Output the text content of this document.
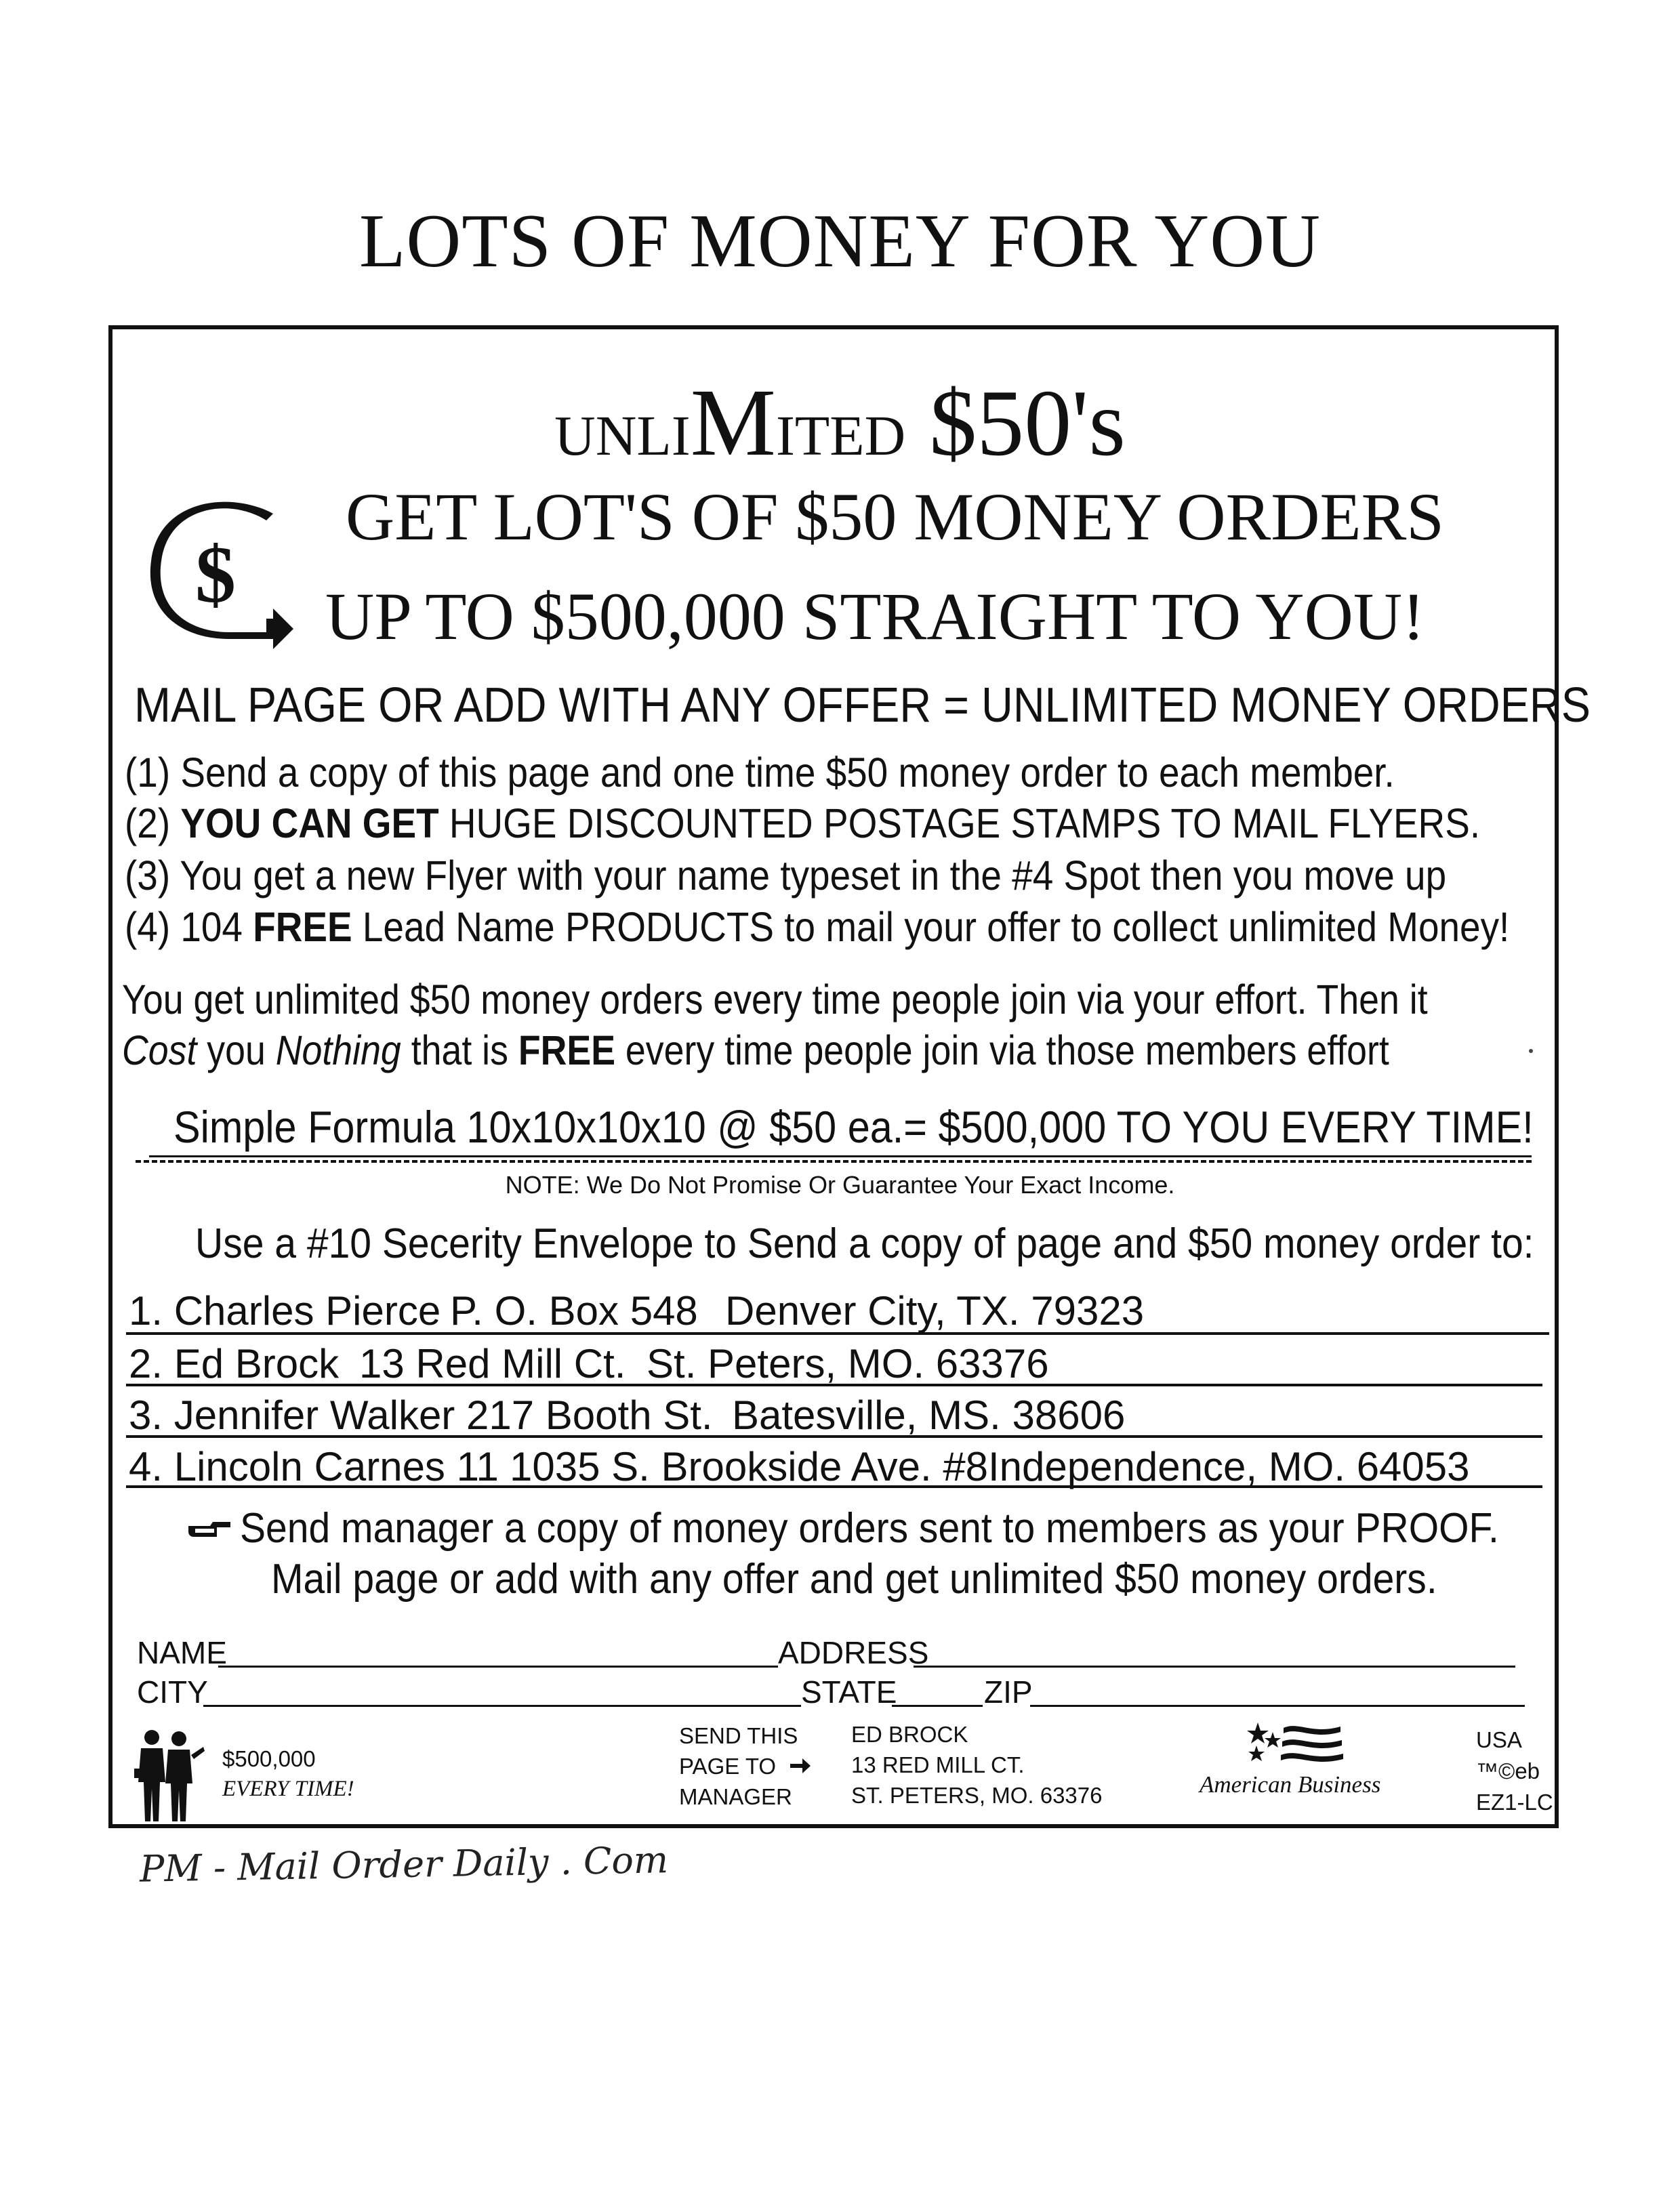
LOTS OF MONEY FOR YOU
UNLIMITED $50's
$
GET LOT'S OF $50 MONEY ORDERS
UP TO $500,000 STRAIGHT TO YOU!
MAIL PAGE OR ADD WITH ANY OFFER = UNLIMITED MONEY ORDERS
(1) Send a copy of this page and one time $50 money order to each member.
(2) YOU CAN GET HUGE DISCOUNTED POSTAGE STAMPS TO MAIL FLYERS.
(3) You get a new Flyer with your name typeset in the #4 Spot then you move up
(4) 104 FREE Lead Name PRODUCTS to mail your offer to collect unlimited Money!
You get unlimited $50 money orders every time people join via your effort. Then it
Cost you Nothing that is FREE every time people join via those members effort
Simple Formula 10x10x10x10 @ $50 ea.= $500,000 TO YOU EVERY TIME!
NOTE: We Do Not Promise Or Guarantee Your Exact Income.
Use a #10 Secerity Envelope to Send a copy of page and $50 money order to:
1. Charles Pierce P. O. Box 548 Denver City, TX. 79323
2. Ed Brock 13 Red Mill Ct. St. Peters, MO. 63376
3. Jennifer Walker 217 Booth St. Batesville, MS. 38606
4. Lincoln Carnes 11 1035 S. Brookside Ave. #8 Independence, MO. 64053
Send manager a copy of money orders sent to members as your PROOF.
Mail page or add with any offer and get unlimited $50 money orders.
NAME	ADDRESS
CITY	STATE	ZIP
$500,000
EVERY TIME!
SEND THIS
PAGE TO
MANAGER
ED BROCK
13 RED MILL CT.
ST. PETERS, MO. 63376	American Business
USA
™©eb
EZ1-LC
PM - Mail Order Daily . Com
